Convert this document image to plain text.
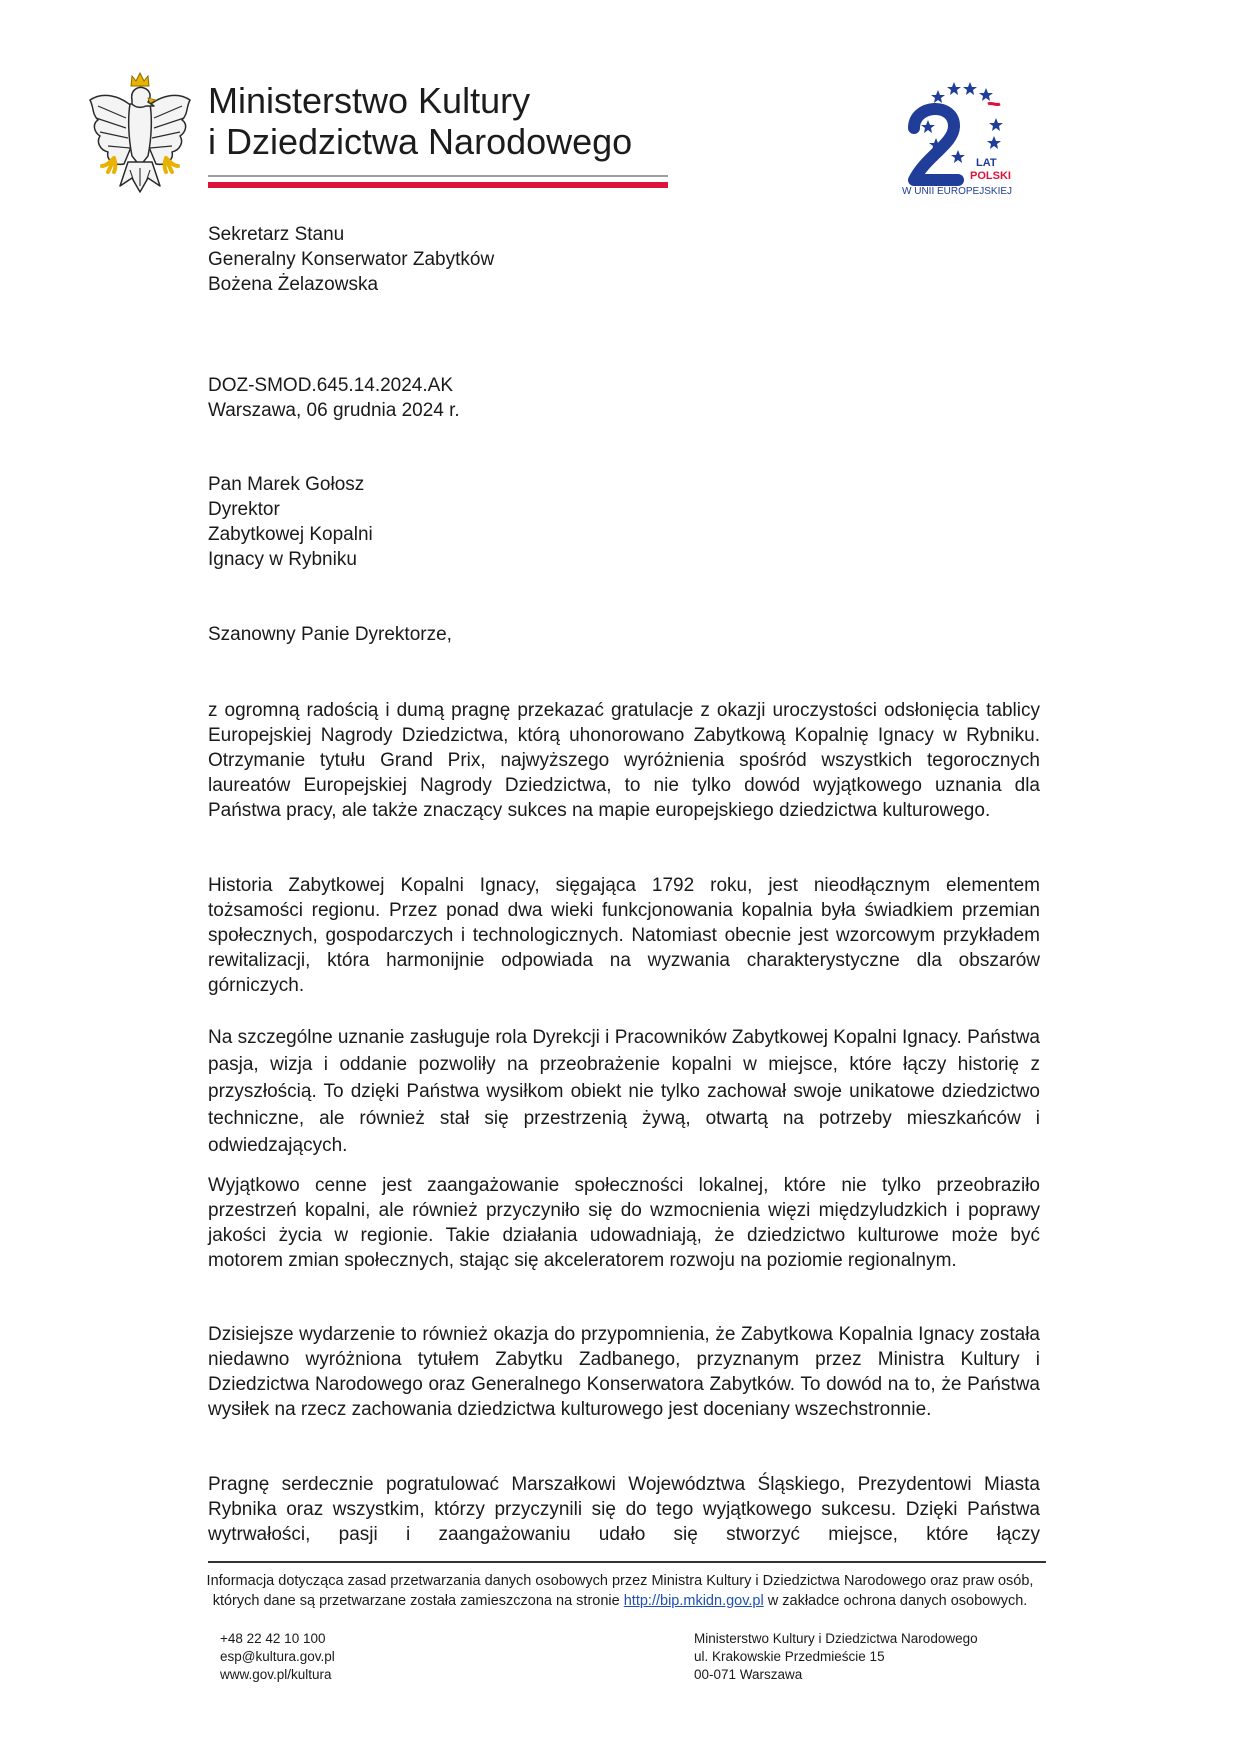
Ministerstwo Kultury
i Dziedzictwa Narodowego
LAT
POLSKI
W UNII EUROPEJSKIEJ
Sekretarz Stanu
Generalny Konserwator Zabytków
Bożena Żelazowska
DOZ-SMOD.645.14.2024.AK
Warszawa, 06 grudnia 2024 r.
Pan Marek Gołosz
Dyrektor
Zabytkowej Kopalni
Ignacy w Rybniku
Szanowny Panie Dyrektorze,

z ogromną radością i dumą pragnę przekazać gratulacje z okazji uroczystości odsłonięcia tablicy Europejskiej Nagrody Dziedzictwa, którą uhonorowano Zabytkową Kopalnię Ignacy w Rybniku. Otrzymanie tytułu Grand Prix, najwyższego wyróżnienia spośród wszystkich tegorocznych laureatów Europejskiej Nagrody Dziedzictwa, to nie tylko dowód wyjątkowego uznania dla Państwa pracy, ale także znaczący sukces na mapie europejskiego dziedzictwa kulturowego.

Historia Zabytkowej Kopalni Ignacy, sięgająca 1792 roku, jest nieodłącznym elementem tożsamości regionu. Przez ponad dwa wieki funkcjonowania kopalnia była świadkiem przemian społecznych, gospodarczych i technologicznych. Natomiast obecnie jest wzorcowym przykładem rewitalizacji, która harmonijnie odpowiada na wyzwania charakterystyczne dla obszarów górniczych.

Na szczególne uznanie zasługuje rola Dyrekcji i Pracowników Zabytkowej Kopalni Ignacy. Państwa pasja, wizja i oddanie pozwoliły na przeobrażenie kopalni w miejsce, które łączy historię z przyszłością. To dzięki Państwa wysiłkom obiekt nie tylko zachował swoje unikatowe dziedzictwo techniczne, ale również stał się przestrzenią żywą, otwartą na potrzeby mieszkańców i odwiedzających.

Wyjątkowo cenne jest zaangażowanie społeczności lokalnej, które nie tylko przeobraziło przestrzeń kopalni, ale również przyczyniło się do wzmocnienia więzi międzyludzkich i poprawy jakości życia w regionie. Takie działania udowadniają, że dziedzictwo kulturowe może być motorem zmian społecznych, stając się akceleratorem rozwoju na poziomie regionalnym.

Dzisiejsze wydarzenie to również okazja do przypomnienia, że Zabytkowa Kopalnia Ignacy została niedawno wyróżniona tytułem Zabytku Zadbanego, przyznanym przez Ministra Kultury i Dziedzictwa Narodowego oraz Generalnego Konserwatora Zabytków. To dowód na to, że Państwa wysiłek na rzecz zachowania dziedzictwa kulturowego jest doceniany wszechstronnie.

Pragnę serdecznie pogratulować Marszałkowi Województwa Śląskiego, Prezydentowi Miasta Rybnika oraz wszystkim, którzy przyczynili się do tego wyjątkowego sukcesu. Dzięki Państwa wytrwałości, pasji i zaangażowaniu udało się stworzyć miejsce, które łączy

Informacja dotycząca zasad przetwarzania danych osobowych przez Ministra Kultury i Dziedzictwa Narodowego oraz praw osób,
których dane są przetwarzane została zamieszczona na stronie http://bip.mkidn.gov.pl w zakładce ochrona danych osobowych.
+48 22 42 10 100
esp@kultura.gov.pl
www.gov.pl/kultura
Ministerstwo Kultury i Dziedzictwa Narodowego
ul. Krakowskie Przedmieście 15
00-071 Warszawa
